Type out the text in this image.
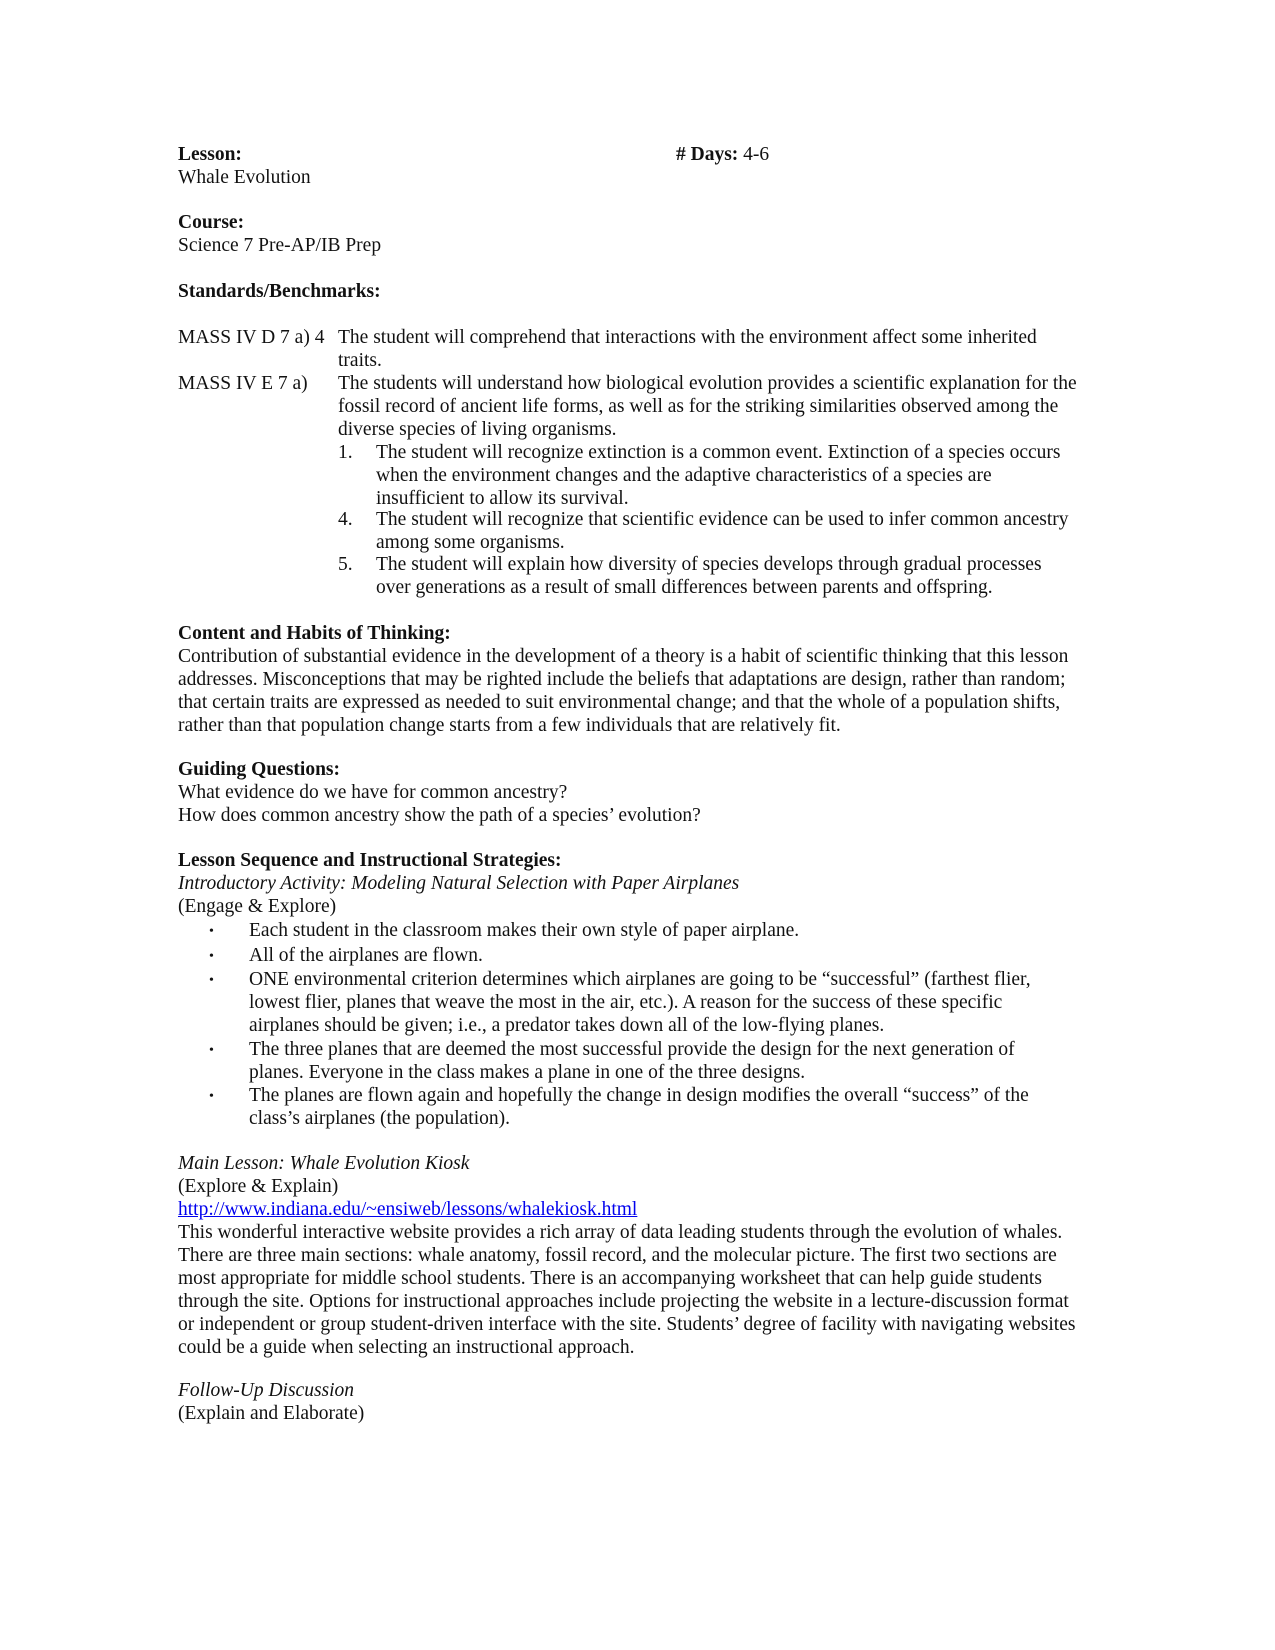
Lesson:	# Days: 4-6
Whale Evolution
Course:
Science 7 Pre-AP/IB Prep
Standards/Benchmarks:
MASS IV D 7 a) 4 The student will comprehend that interactions with the environment affect some inherited traits.
MASS IV E 7 a) The students will understand how biological evolution provides a scientific explanation for the fossil record of ancient life forms, as well as for the striking similarities observed among the diverse species of living organisms.
1. The student will recognize extinction is a common event. Extinction of a species occurs when the environment changes and the adaptive characteristics of a species are insufficient to allow its survival.
4. The student will recognize that scientific evidence can be used to infer common ancestry among some organisms.
5. The student will explain how diversity of species develops through gradual processes over generations as a result of small differences between parents and offspring.
Content and Habits of Thinking:
Contribution of substantial evidence in the development of a theory is a habit of scientific thinking that this lesson addresses. Misconceptions that may be righted include the beliefs that adaptations are design, rather than random; that certain traits are expressed as needed to suit environmental change; and that the whole of a population shifts, rather than that population change starts from a few individuals that are relatively fit.
Guiding Questions:
What evidence do we have for common ancestry?
How does common ancestry show the path of a species’ evolution?
Lesson Sequence and Instructional Strategies:
Introductory Activity: Modeling Natural Selection with Paper Airplanes
(Engage & Explore)
• Each student in the classroom makes their own style of paper airplane.
• All of the airplanes are flown.
• ONE environmental criterion determines which airplanes are going to be “successful” (farthest flier, lowest flier, planes that weave the most in the air, etc.). A reason for the success of these specific airplanes should be given; i.e., a predator takes down all of the low-flying planes.
• The three planes that are deemed the most successful provide the design for the next generation of planes. Everyone in the class makes a plane in one of the three designs.
• The planes are flown again and hopefully the change in design modifies the overall “success” of the class’s airplanes (the population).
Main Lesson: Whale Evolution Kiosk
(Explore & Explain)
http://www.indiana.edu/~ensiweb/lessons/whalekiosk.html
This wonderful interactive website provides a rich array of data leading students through the evolution of whales. There are three main sections: whale anatomy, fossil record, and the molecular picture. The first two sections are most appropriate for middle school students. There is an accompanying worksheet that can help guide students through the site. Options for instructional approaches include projecting the website in a lecture-discussion format or independent or group student-driven interface with the site. Students’ degree of facility with navigating websites could be a guide when selecting an instructional approach.
Follow-Up Discussion
(Explain and Elaborate)
